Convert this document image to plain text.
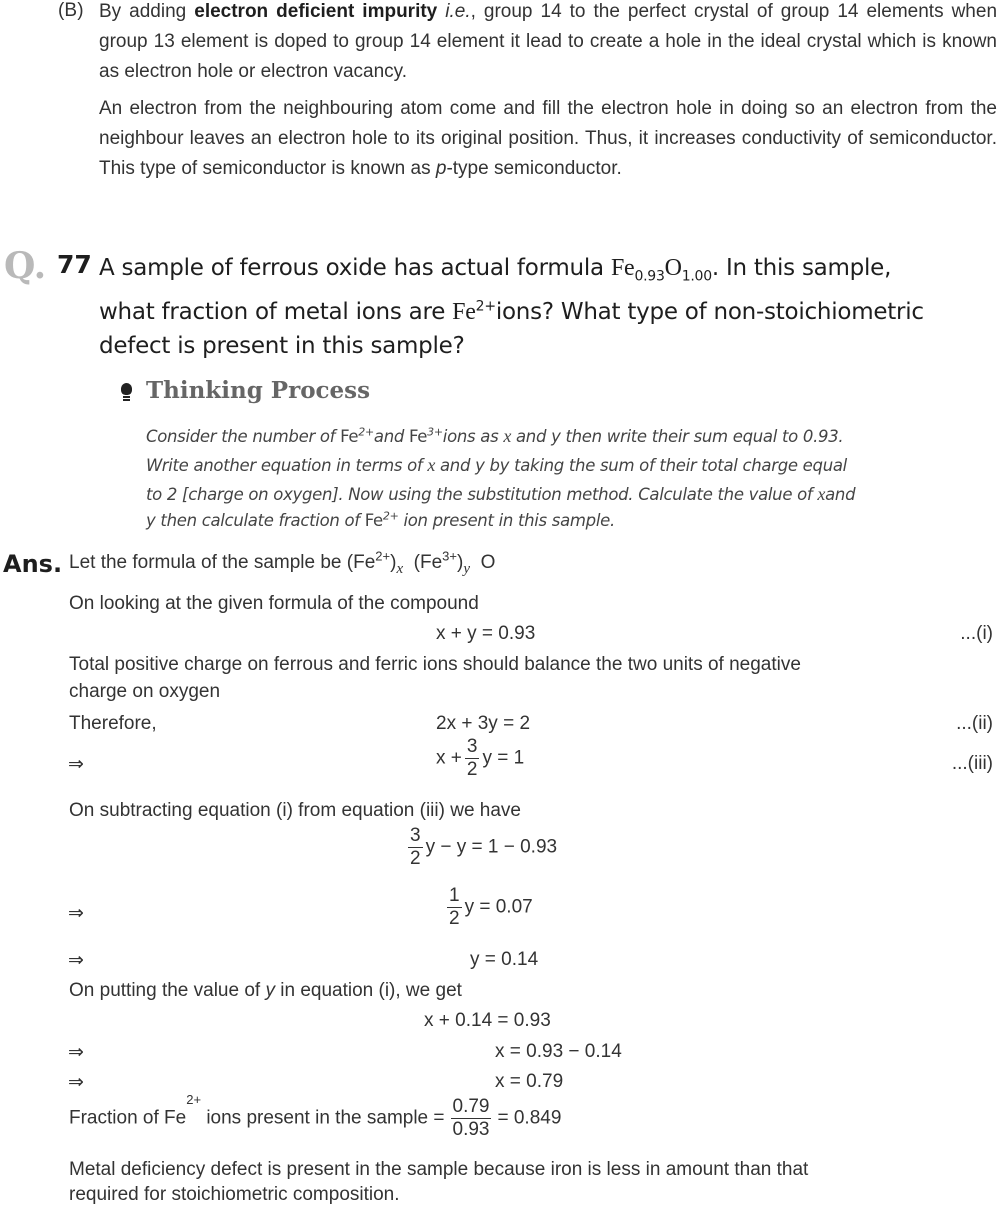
(B) By adding electron deficient impurity i.e., group 14 to the perfect crystal of group 14 elements when group 13 element is doped to group 14 element it lead to create a hole in the ideal crystal which is known as electron hole or electron vacancy.
An electron from the neighbouring atom come and fill the electron hole in doing so an electron from the neighbour leaves an electron hole to its original position. Thus, it increases conductivity of semiconductor. This type of semiconductor is known as p-type semiconductor.
Q. 77 A sample of ferrous oxide has actual formula $Fe_{0.93}O_{1.00}$. In this sample,
what fraction of metal ions are $Fe^{2+}ions$? What type of non-stoichiometric
defect is present in this sample?
Thinking Process
Consider the number of $Fe^{2+}and$ $Fe^{3+}ions$ as x and y then write their sum equal to 0.93.
Write another equation in terms of x and y by taking the sum of their total charge equal
to 2 [charge on oxygen]. Now using the substitution method. Calculate the value of xand
y then calculate fraction of $Fe^{2+}$ ion present in this sample.
Ans. Let the formula of the sample be $(Fe^{2+})_x$ $(Fe^{3+})_y$ O
On looking at the given formula of the compound
x + y = 0.93	...(i)
Total positive charge on ferrous and ferric ions should balance the two units of negative
charge on oxygen
Therefore,	2x + 3y = 2	...(ii)
⇒	$x + \frac{3}{2}$ y = 1	...(iii)
On subtracting equation (i) from equation (iii) we have
$\frac{3}{2}$ y − y = 1 − 0.93
⇒	$\frac{1}{2}$ y = 0.07
⇒	y = 0.14
On putting the value of y in equation (i), we get
x + 0.14 = 0.93
⇒	x = 0.93 − 0.14
⇒	x = 0.79
Fraction of $Fe^{2+}$ ions present in the sample = $\frac{0.79}{0.93} = 0.849$
Metal deficiency defect is present in the sample because iron is less in amount than that
required for stoichiometric composition.
